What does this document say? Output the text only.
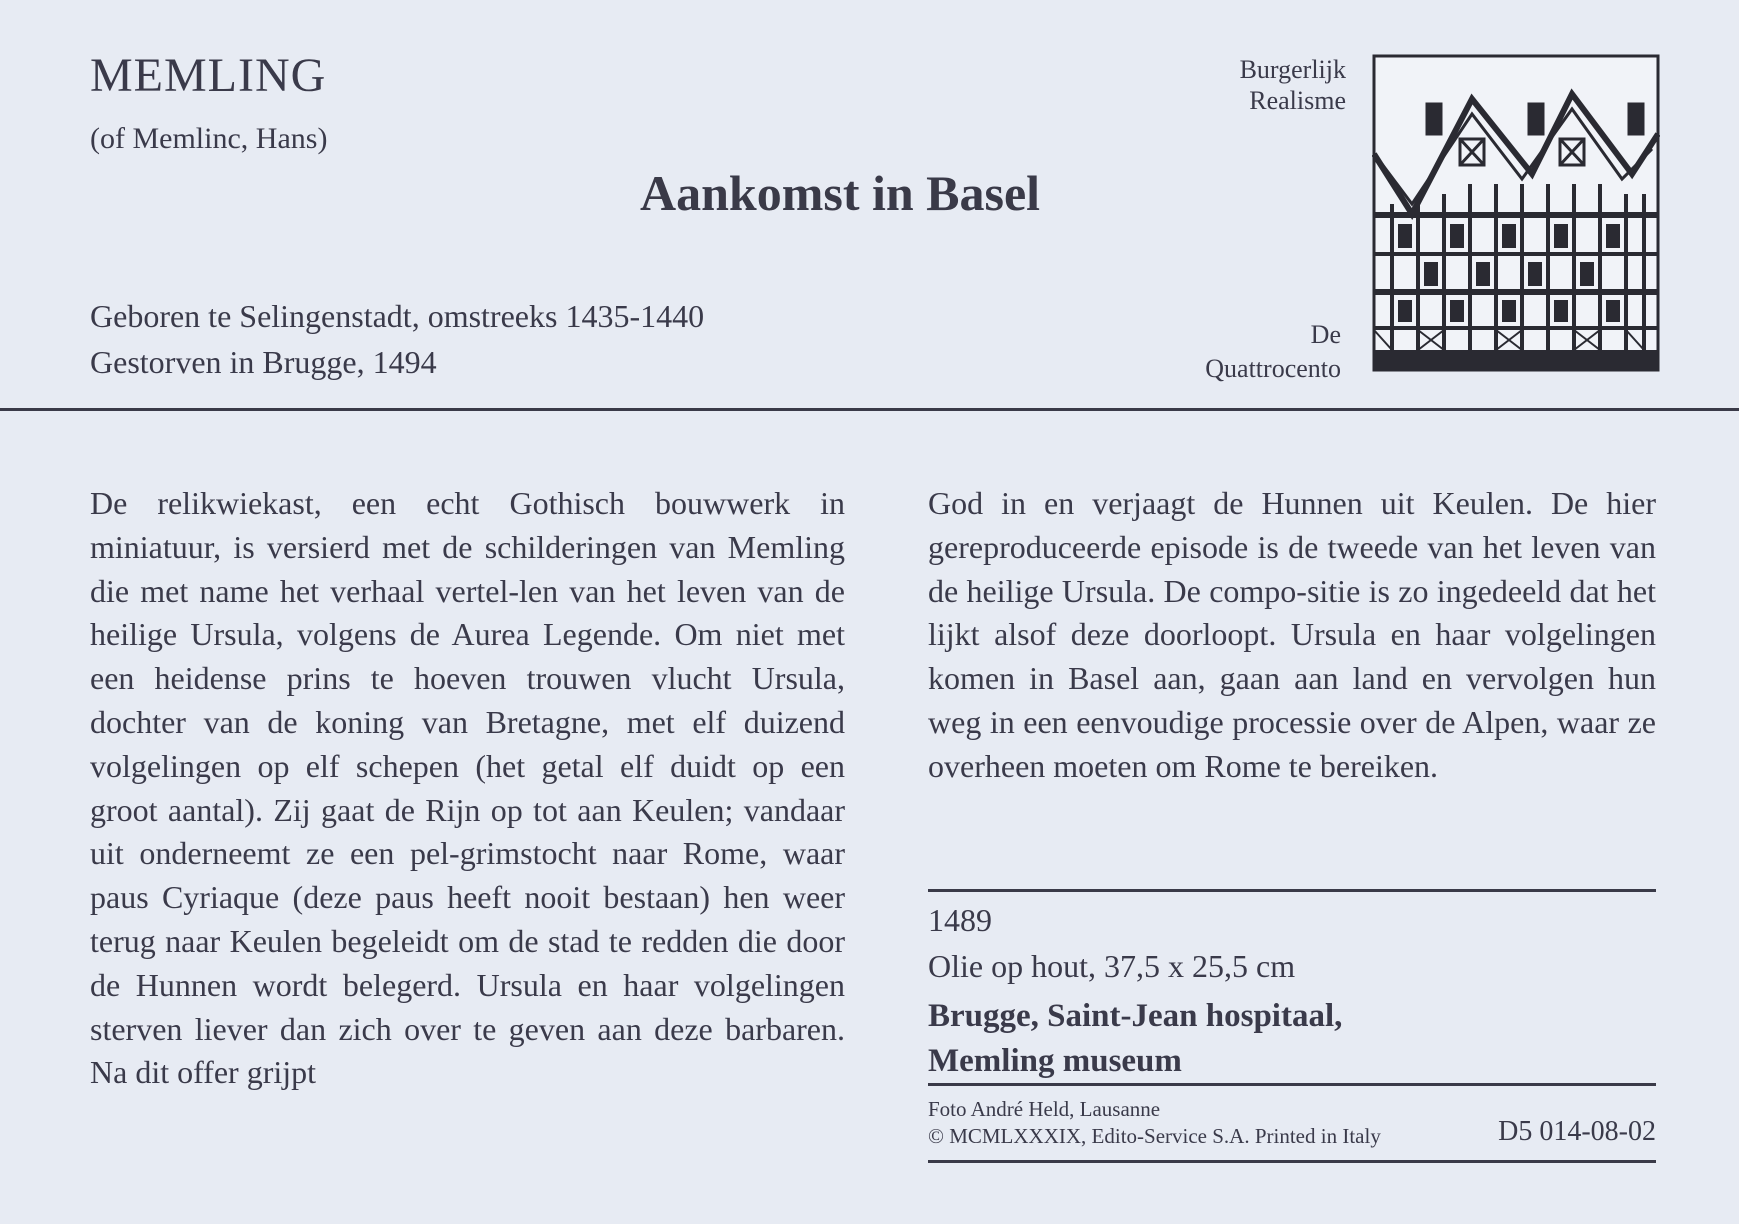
MEMLING
(of Memlinc, Hans)
Aankomst in Basel
Geboren te Selingenstadt, omstreeks 1435-1440
Gestorven in Brugge, 1494
Burgerlijk
Realisme
De
Quattrocento
De relikwiekast, een echt Gothisch bouwwerk in miniatuur, is versierd met de schilderingen van Memling die met name het verhaal vertel-len van het leven van de heilige Ursula, volgens de Aurea Legende. Om niet met een heidense prins te hoeven trouwen vlucht Ursula, dochter van de koning van Bretagne, met elf duizend volgelingen op elf schepen (het getal elf duidt op een groot aantal). Zij gaat de Rijn op tot aan Keulen; vandaar uit onderneemt ze een pel-grimstocht naar Rome, waar paus Cyriaque (deze paus heeft nooit bestaan) hen weer terug naar Keulen begeleidt om de stad te redden die door de Hunnen wordt belegerd. Ursula en haar volgelingen sterven liever dan zich over te geven aan deze barbaren. Na dit offer grijpt
God in en verjaagt de Hunnen uit Keulen. De hier gereproduceerde episode is de tweede van het leven van de heilige Ursula. De compo-sitie is zo ingedeeld dat het lijkt alsof deze doorloopt. Ursula en haar volgelingen komen in Basel aan, gaan aan land en vervolgen hun weg in een eenvoudige processie over de Alpen, waar ze overheen moeten om Rome te bereiken.
1489
Olie op hout, 37,5 x 25,5 cm
Brugge, Saint-Jean hospitaal,
Memling museum
Foto André Held, Lausanne
© MCMLXXXIX, Edito-Service S.A. Printed in Italy	D5 014-08-02
